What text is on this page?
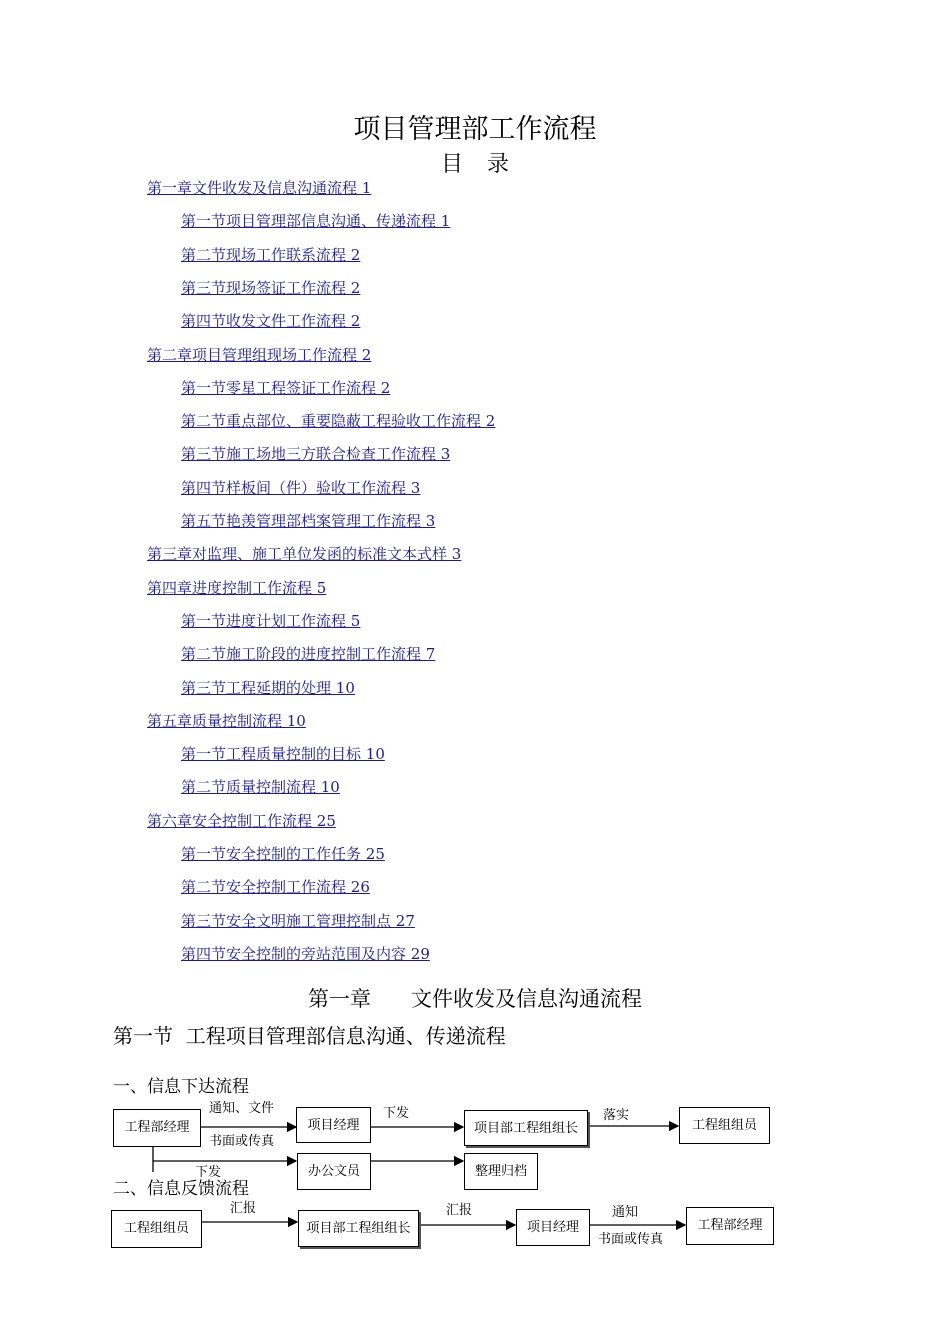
项目管理部工作流程
目录
第一章文件收发及信息沟通流程 1
第一节项目管理部信息沟通、传递流程 1
第二节现场工作联系流程 2
第三节现场签证工作流程 2
第四节收发文件工作流程 2
第二章项目管理组现场工作流程 2
第一节零星工程签证工作流程 2
第二节重点部位、重要隐蔽工程验收工作流程 2
第三节施工场地三方联合检查工作流程 3
第四节样板间（件）验收工作流程 3
第五节艳羡管理部档案管理工作流程 3
第三章对监理、施工单位发函的标准文本式样 3
第四章进度控制工作流程 5
第一节进度计划工作流程 5
第二节施工阶段的进度控制工作流程 7
第三节工程延期的处理 10
第五章质量控制流程 10
第一节工程质量控制的目标 10
第二节质量控制流程 10
第六章安全控制工作流程 25
第一节安全控制的工作任务 25
第二节安全控制工作流程 26
第三节安全文明施工管理控制点 27
第四节安全控制的旁站范围及内容 29
第一章 文件收发及信息沟通流程
第一节  工程项目管理部信息沟通、传递流程
一、信息下达流程
工程部经理	项目经理	项目部工程组组长	工程组组员
办公文员	整理归档
通知、文件
书面或传真
下发	落实
下发
二、信息反馈流程
工程组组员	项目部工程组组长	项目经理	工程部经理
汇报	汇报	通知
书面或传真
